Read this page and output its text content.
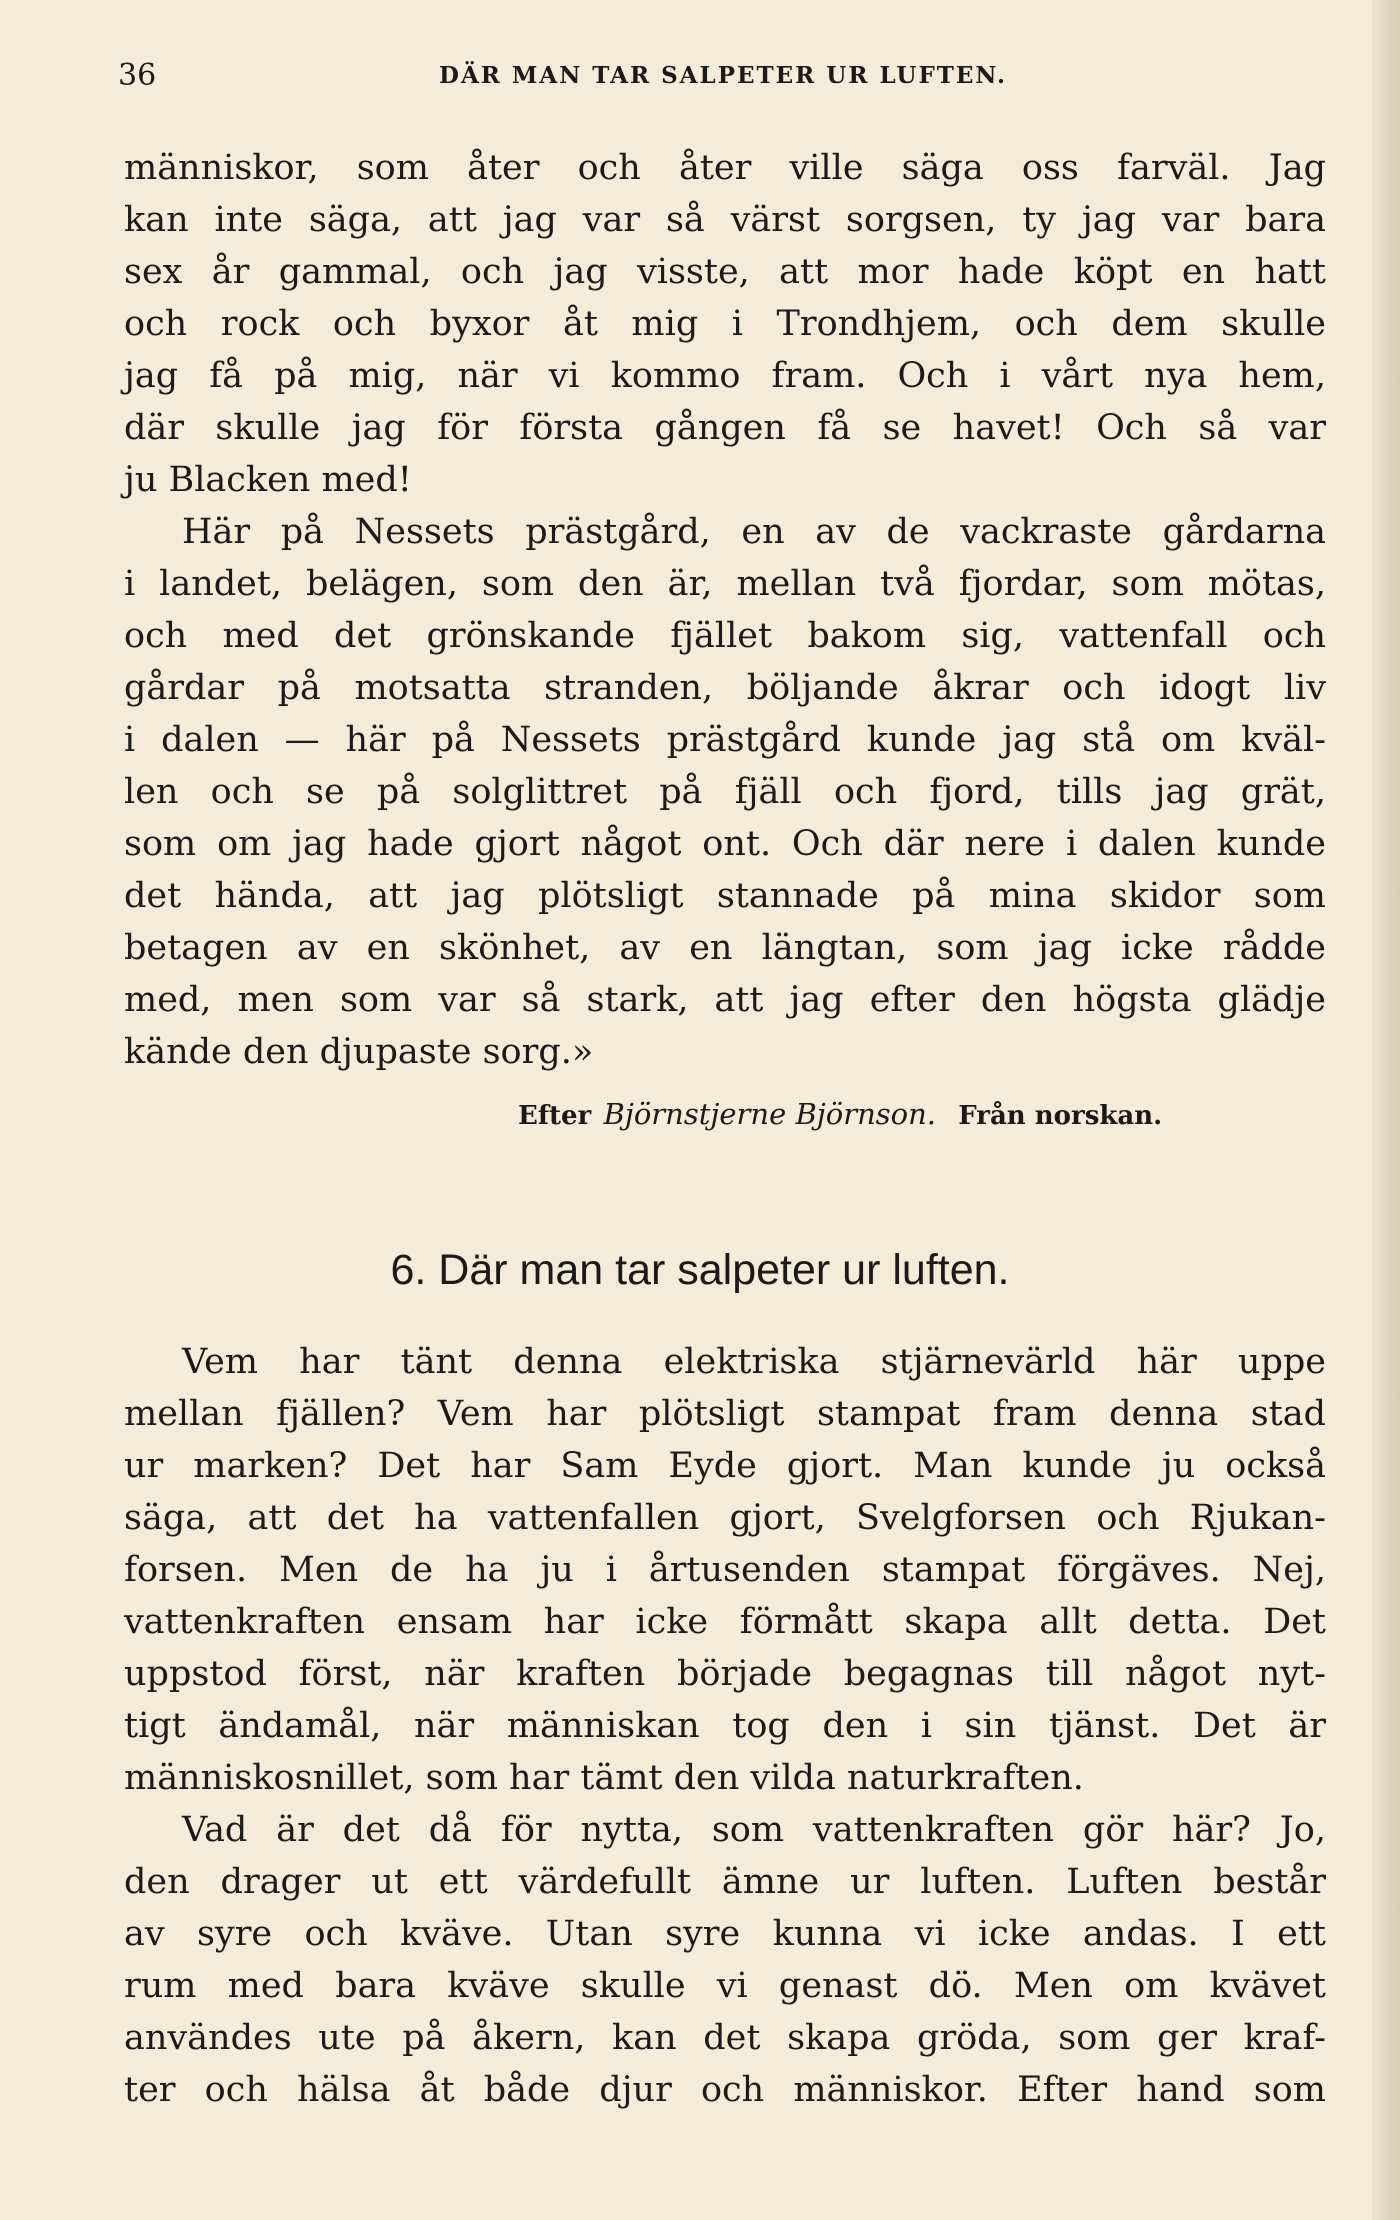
36	DÄR MAN TAR SALPETER UR LUFTEN.
människor, som åter och åter ville säga oss farväl. Jag
kan inte säga, att jag var så värst sorgsen, ty jag var bara
sex år gammal, och jag visste, att mor hade köpt en hatt
och rock och byxor åt mig i Trondhjem, och dem skulle
jag få på mig, när vi kommo fram. Och i vårt nya hem,
där skulle jag för första gången få se havet! Och så var
ju Blacken med!
Här på Nessets prästgård, en av de vackraste gårdarna
i landet, belägen, som den är, mellan två fjordar, som mötas,
och med det grönskande fjället bakom sig, vattenfall och
gårdar på motsatta stranden, böljande åkrar och idogt liv
i dalen — här på Nessets prästgård kunde jag stå om kväl-
len och se på solglittret på fjäll och fjord, tills jag grät,
som om jag hade gjort något ont. Och där nere i dalen kunde
det hända, att jag plötsligt stannade på mina skidor som
betagen av en skönhet, av en längtan, som jag icke rådde
med, men som var så stark, att jag efter den högsta glädje
kände den djupaste sorg.»
Efter Björnstjerne Björnson. Från norskan.
6. Där man tar salpeter ur luften.
Vem har tänt denna elektriska stjärnevärld här uppe
mellan fjällen? Vem har plötsligt stampat fram denna stad
ur marken? Det har Sam Eyde gjort. Man kunde ju också
säga, att det ha vattenfallen gjort, Svelgforsen och Rjukan-
forsen. Men de ha ju i årtusenden stampat förgäves. Nej,
vattenkraften ensam har icke förmått skapa allt detta. Det
uppstod först, när kraften började begagnas till något nyt-
tigt ändamål, när människan tog den i sin tjänst. Det är
människosnillet, som har tämt den vilda naturkraften.
Vad är det då för nytta, som vattenkraften gör här? Jo,
den drager ut ett värdefullt ämne ur luften. Luften består
av syre och kväve. Utan syre kunna vi icke andas. I ett
rum med bara kväve skulle vi genast dö. Men om kvävet
användes ute på åkern, kan det skapa gröda, som ger kraf-
ter och hälsa åt både djur och människor. Efter hand som
